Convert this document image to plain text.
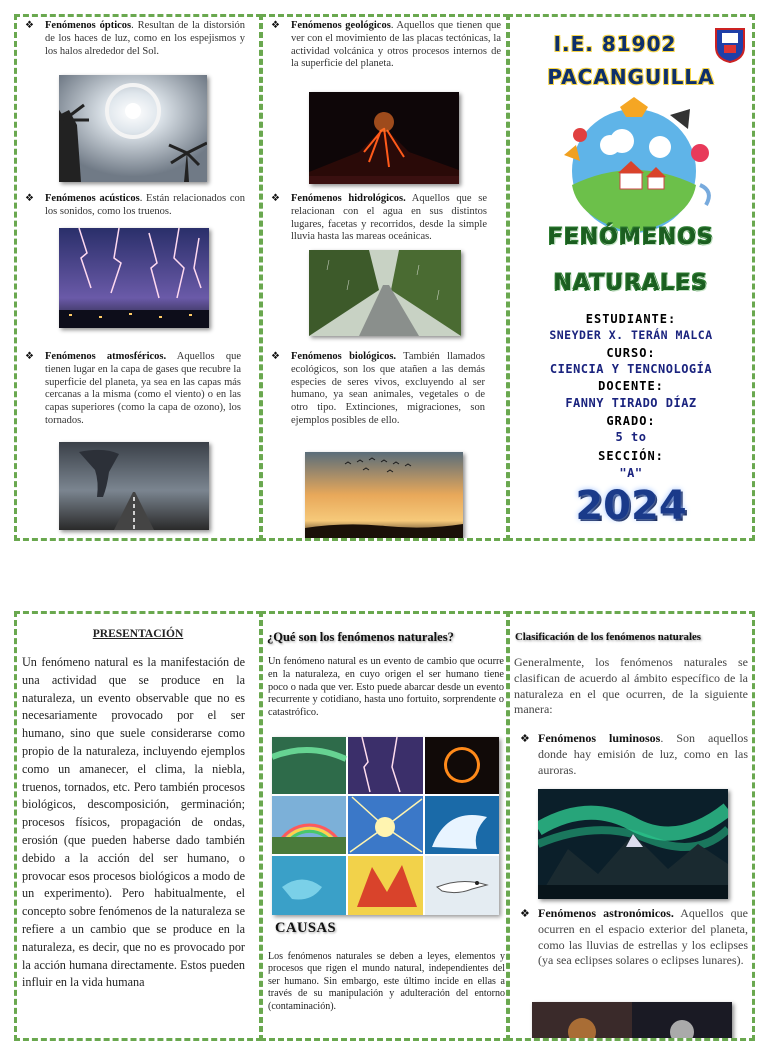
❖ Fenómenos ópticos. Resultan de la distorsión de los haces de luz, como en los espejismos y los halos alrededor del Sol.
❖ Fenómenos acústicos. Están relacionados con los sonidos, como los truenos.
❖ Fenómenos atmosféricos. Aquellos que tienen lugar en la capa de gases que recubre la superficie del planeta, ya sea en las capas más cercanas a la misma (como el viento) o en las capas superiores (como la capa de ozono), los tornados.
❖ Fenómenos geológicos. Aquellos que tienen que ver con el movimiento de las placas tectónicas, la actividad volcánica y otros procesos internos de la superficie del planeta.
❖ Fenómenos hidrológicos. Aquellos que se relacionan con el agua en sus distintos lugares, facetas y recorridos, desde la simple lluvia hasta las mareas oceánicas.
❖ Fenómenos biológicos. También llamados ecológicos, son los que atañen a las demás especies de seres vivos, excluyendo al ser humano, ya sean animales, vegetales o de otro tipo. Extinciones, migraciones, son ejemplos posibles de ello.
I.E. 81902
PACANGUILLA
FENÓMENOS
NATURALES
ESTUDIANTE:
SNEYDER X. TERÁN MALCA
CURSO:
CIENCIA Y TENCNOLOGÍA
DOCENTE:
FANNY TIRADO DÍAZ
GRADO:
5 to
SECCIÓN:
"A"
2024
PRESENTACIÓN
Un fenómeno natural es la manifestación de una actividad que se produce en la naturaleza, un evento observable que no es necesariamente provocado por el ser humano, sino que suele considerarse como propio de la naturaleza, incluyendo ejemplos como un amanecer, el clima, la niebla, truenos, tornados, etc. Pero también procesos biológicos, descomposición, germinación; procesos físicos, propagación de ondas, erosión (que pueden haberse dado también debido a la acción del ser humano, o provocar esos procesos biológicos a modo de un experimento). Pero habitualmente, el concepto sobre fenómenos de la naturaleza se refiere a un cambio que se produce en la naturaleza, es decir, que no es provocado por la acción humana directamente. Estos pueden influir en la vida humana
¿Qué son los fenómenos naturales?
Un fenómeno natural es un evento de cambio que ocurre en la naturaleza, en cuyo origen el ser humano tiene poco o nada que ver. Esto puede abarcar desde un evento recurrente y cotidiano, hasta uno fortuito, sorprendente o catastrófico.
CAUSAS
Los fenómenos naturales se deben a leyes, elementos y procesos que rigen el mundo natural, independientes del ser humano. Sin embargo, este último incide en ellas a través de su manipulación y adulteración del entorno (contaminación).
Clasificación de los fenómenos naturales
Generalmente, los fenómenos naturales se clasifican de acuerdo al ámbito específico de la naturaleza en el que ocurren, de la siguiente manera:
❖ Fenómenos luminosos. Son aquellos donde hay emisión de luz, como en las auroras.
❖ Fenómenos astronómicos. Aquellos que ocurren en el espacio exterior del planeta, como las lluvias de estrellas y los eclipses (ya sea eclipses solares o eclipses lunares).
